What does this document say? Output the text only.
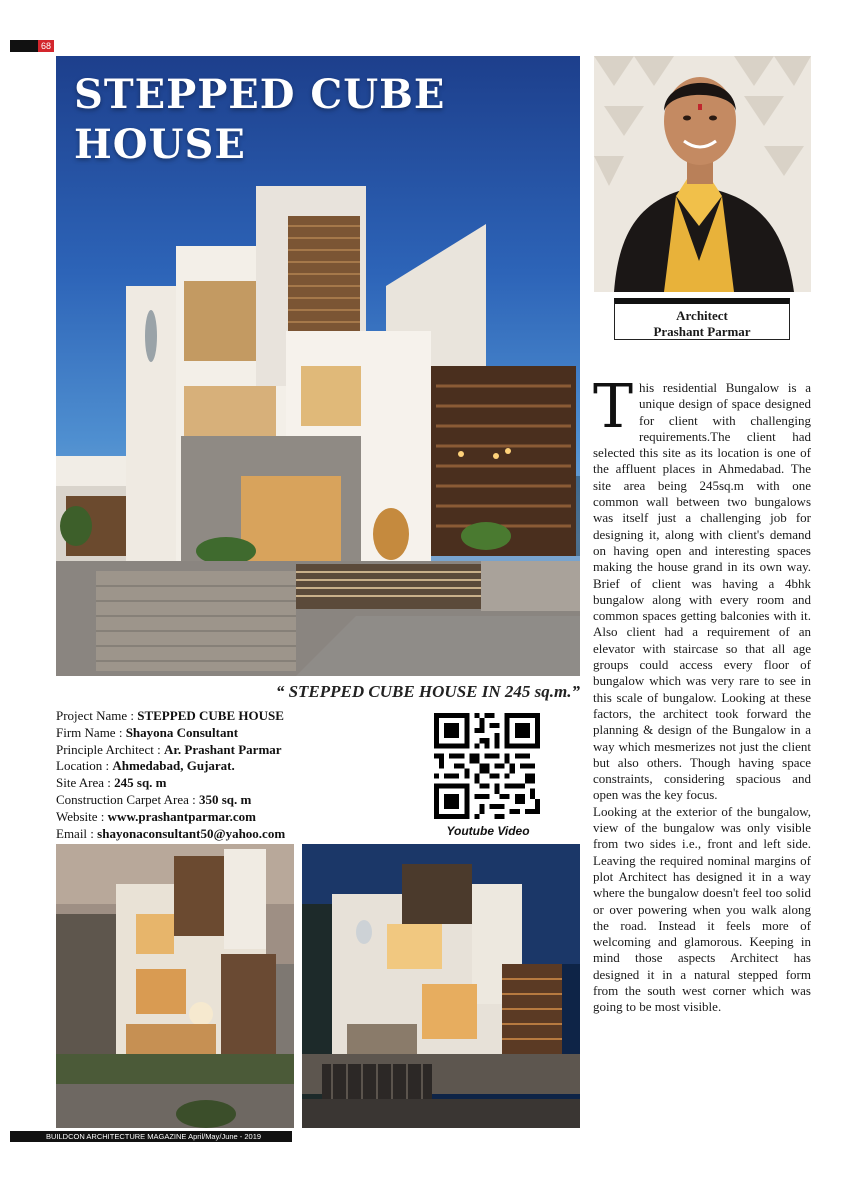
68
STEPPED CUBE
HOUSE
“ STEPPED CUBE HOUSE IN 245 sq.m.”
Project Name : STEPPED CUBE HOUSE
Firm Name : Shayona Consultant
Principle Architect : Ar. Prashant Parmar
Location : Ahmedabad, Gujarat.
Site Area : 245 sq. m
Construction Carpet Area : 350 sq. m
Website : www.prashantparmar.com
Email : shayonaconsultant50@yahoo.com	Youtube Video
BUILDCON ARCHITECTURE MAGAZINE April/May/June - 2019
Architect
Prashant Parmar

This residential Bungalow is a unique design of space designed for client with challenging requirements.The client had selected this site as its location is one of the affluent places in Ahmedabad. The site area being 245sq.m with one common wall between two bungalows was itself just a challenging job for designing it, along with client's demand on having open and interesting spaces making the house grand in its own way. Brief of client was having a 4bhk bungalow along with every room and common spaces getting balconies with it. Also client had a requirement of an elevator with staircase so that all age groups could access every floor of bungalow which was very rare to see in this scale of bungalow. Looking at these factors, the architect took forward the planning & design of the Bungalow in a way which mesmerizes not just the client but also others. Though having space constraints, considering spacious and open was the key focus.

Looking at the exterior of the bungalow, view of the bungalow was only visible from two sides i.e., front and left side. Leaving the required nominal margins of plot Architect has designed it in a way where the bungalow doesn't feel too solid or over powering when you walk along the road. Instead it feels more of welcoming and glamorous. Keeping in mind those aspects Architect has designed it in a natural stepped form from the south west corner which was going to be most visible.
